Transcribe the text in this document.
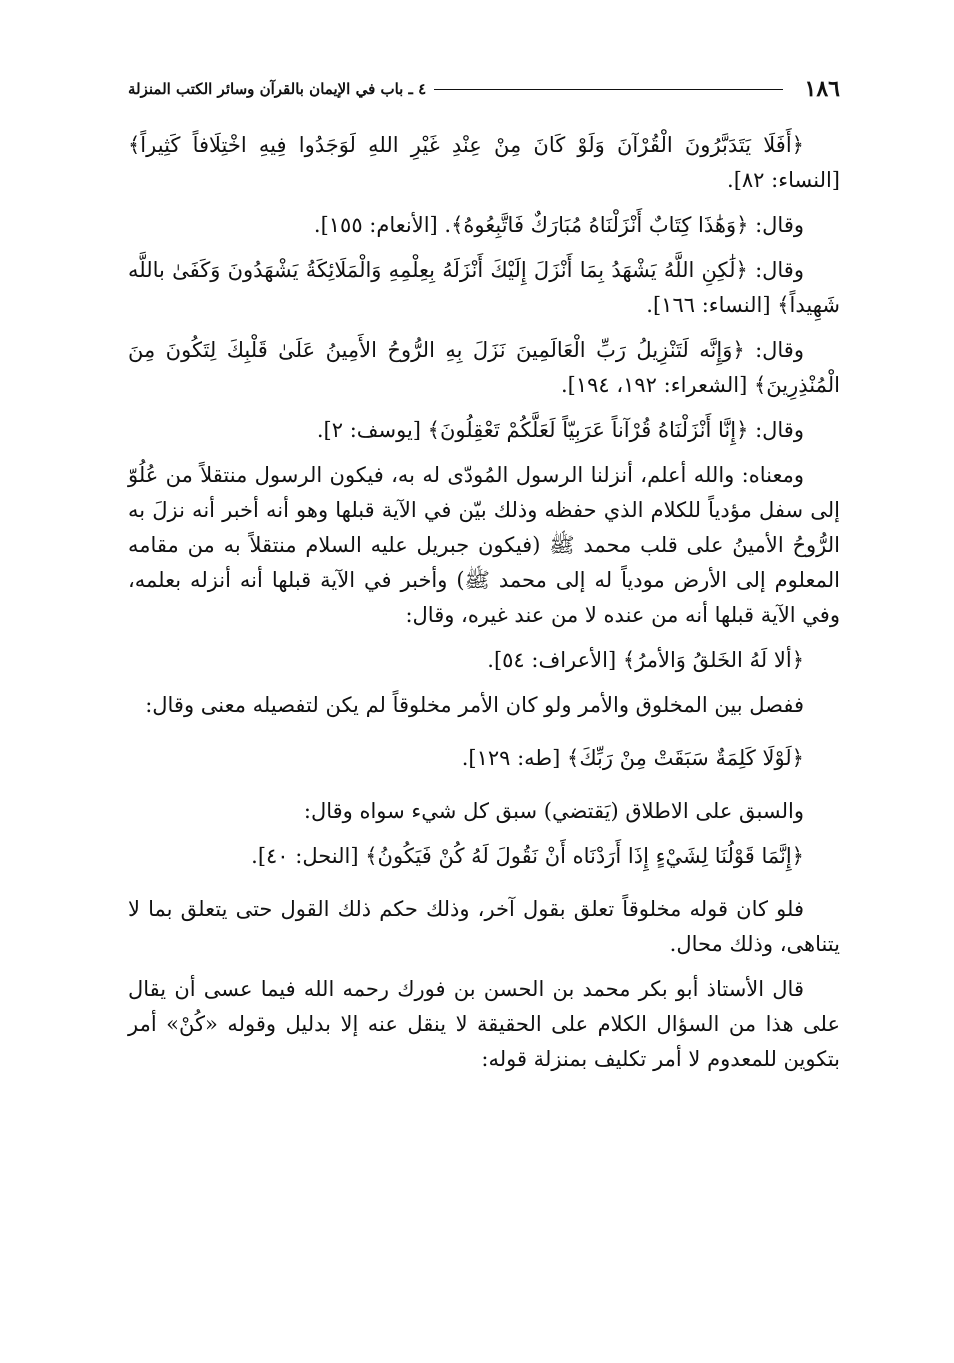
١٨٦
٤ ـ باب في الإيمان بالقرآن وسائر الكتب المنزلة

﴿أَفَلَا يَتَدَبَّرُونَ الْقُرْآنَ وَلَوْ كَانَ مِنْ عِنْدِ غَيْرِ اللهِ لَوَجَدُوا فِيهِ اخْتِلَافاً كَثِيراً﴾ [النساء: ٨٢].

وقال: ﴿وَهَٰذَا كِتَابٌ أَنْزَلْنَاهُ مُبَارَكٌ فَاتَّبِعُوهُ﴾. [الأنعام: ١٥٥].

وقال: ﴿لَٰكِنِ اللَّهُ يَشْهَدُ بِمَا أَنْزَلَ إِلَيْكَ أَنْزَلَهُ بِعِلْمِهِ وَالْمَلَائِكَةُ يَشْهَدُونَ وَكَفَىٰ باللَّه شَهِيداً﴾ [النساء: ١٦٦].

وقال: ﴿وَإِنَّه لَتَنْزِيلُ رَبِّ الْعَالَمِينَ نَزَلَ بِهِ الرُّوحُ الأَمِينُ عَلَىٰ قَلْبِكَ لِتَكُونَ مِنَ الْمُنْذِرِينَ﴾ [الشعراء: ١٩٢، ١٩٤].

وقال: ﴿إِنَّا أَنْزَلْنَاهُ قُرْآناً عَرَبِيّاً لَعَلَّكُمْ تَعْقِلُونَ﴾ [يوسف: ٢].

ومعناه: والله أعلم، أنزلنا الرسول المُودّى له به، فيكون الرسول منتقلاً من عُلُوّ إلى سفل مؤدياً للكلام الذي حفظه وذلك بيّن في الآية قبلها وهو أنه أخبر أنه نزلَ به الرُّوحُ الأمينُ على قلب محمد ﷺ (فيكون جبريل عليه السلام منتقلاً به من مقامه المعلوم إلى الأرض مودياً له إلى محمد ﷺ) وأخبر في الآية قبلها أنه أنزله بعلمه، وفي الآية قبلها أنه من عنده لا من عند غيره، وقال:

﴿ألا لَهُ الخَلقُ وَالأمرُ﴾ [الأعراف: ٥٤].

ففصل بين المخلوق والأمر ولو كان الأمر مخلوقاً لم يكن لتفصيله معنى وقال:

﴿لَوْلَا كَلِمَةٌ سَبَقَتْ مِنْ رَبِّكَ﴾ [طه: ١٢٩].

والسبق على الاطلاق (يَقتضي) سبق كل شيء سواه وقال:

﴿إِنَّمَا قَوْلُنَا لِشَيْءٍ إِذَا أَرَدْنَاه أَنْ نَقُولَ لَهُ كُنْ فَيَكُونُ﴾ [النحل: ٤٠].

فلو كان قوله مخلوقاً تعلق بقول آخر، وذلك حكم ذلك القول حتى يتعلق بما لا يتناهى، وذلك محال.

قال الأستاذ أبو بكر محمد بن الحسن بن فورك رحمه الله فيما عسى أن يقال على هذا من السؤال الكلام على الحقيقة لا ينقل عنه إلا بدليل وقوله «كُنْ» أمر بتكوين للمعدوم لا أمر تكليف بمنزلة قوله:
